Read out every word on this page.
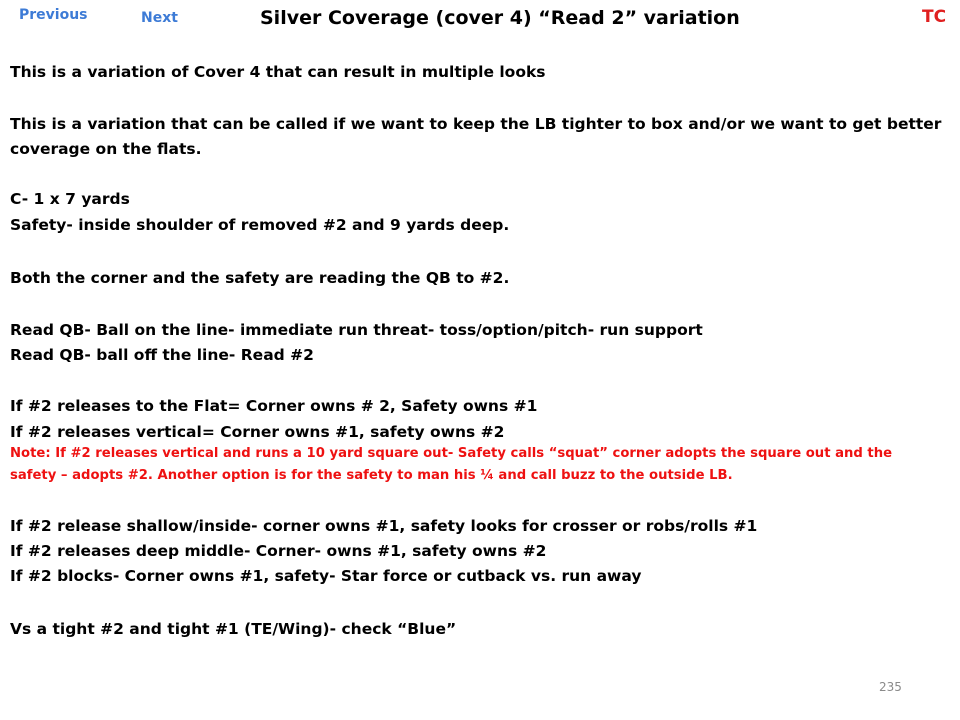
Previous	Next	Silver Coverage (cover 4) “Read 2” variation	TC
This is a variation of Cover 4 that can result in multiple looks
This is a variation that can be called if we want to keep the LB tighter to box and/or we want to get better
coverage on the flats.
C- 1 x 7 yards
Safety- inside shoulder of removed #2 and 9 yards deep.
Both the corner and the safety are reading the QB to #2.
Read QB- Ball on the line- immediate run threat- toss/option/pitch- run support
Read QB- ball off the line- Read #2
If #2 releases to the Flat= Corner owns # 2, Safety owns #1
If #2 releases vertical= Corner owns #1, safety owns #2
Note: If #2 releases vertical and runs a 10 yard square out- Safety calls “squat” corner adopts the square out and the
safety – adopts #2. Another option is for the safety to man his ¼ and call buzz to the outside LB.
If #2 release shallow/inside- corner owns #1, safety looks for crosser or robs/rolls #1
If #2 releases deep middle- Corner- owns #1, safety owns #2
If #2 blocks- Corner owns #1, safety- Star force or cutback vs. run away
Vs a tight #2 and tight #1 (TE/Wing)- check “Blue”
235
